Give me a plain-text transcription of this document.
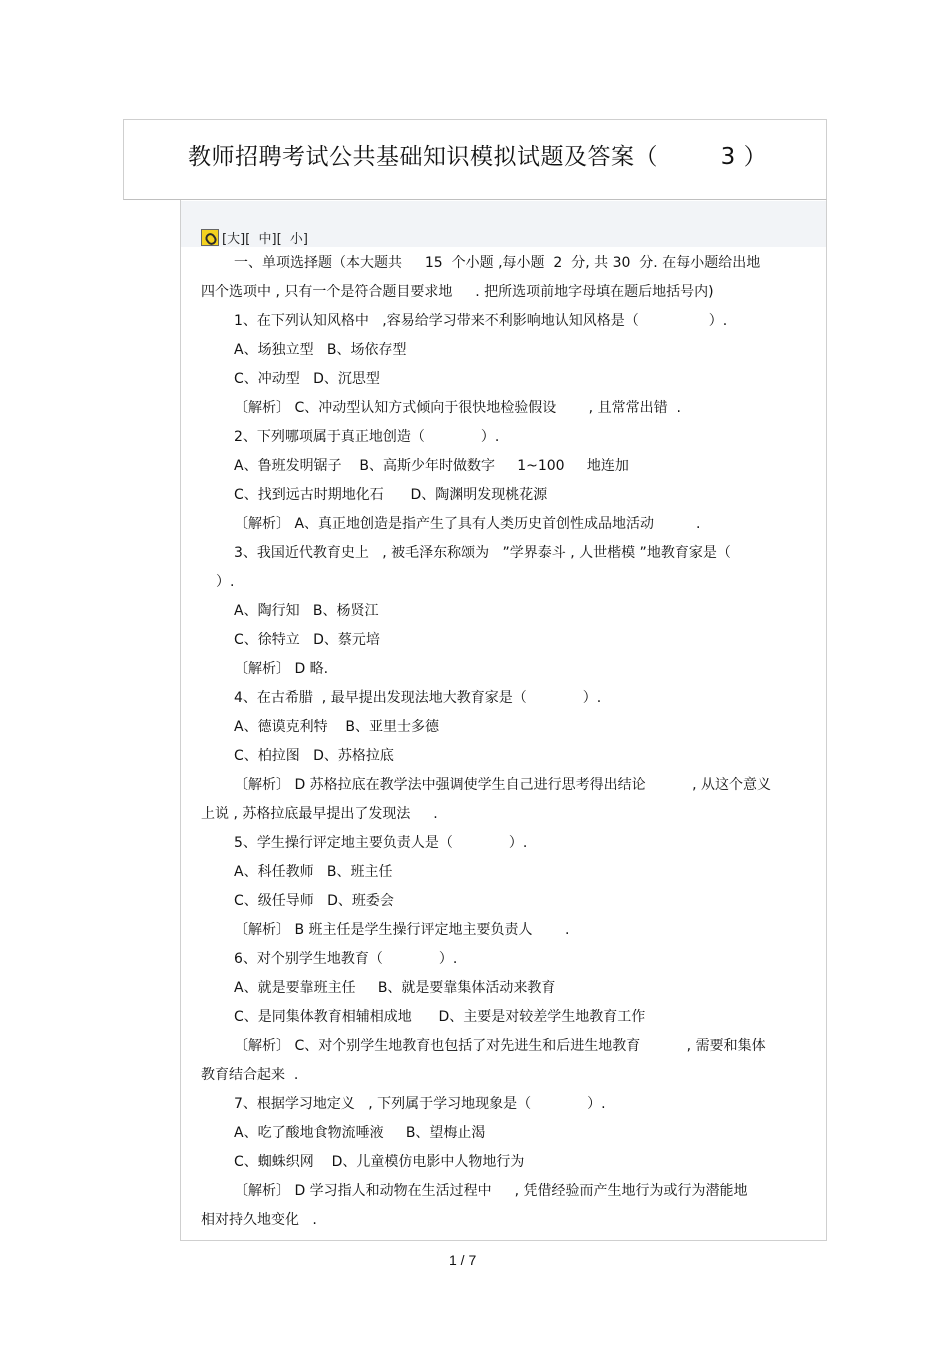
教师招聘考试公共基础知识模拟试题及答案（　　  3 ）
[大] [  中] [  小]
一、单项选择题（本大题共　  15  个小题 ,每小题  2  分, 共 30  分. 在每小题给出地
四个选项中 , 只有一个是符合题目要求地　  . 把所选项前地字母填在题后地括号内)
1、在下列认知风格中   ,容易给学习带来不利影响地认知风格是（　　　　　）.
A、场独立型   B、场依存型
C、冲动型   D、沉思型
〔解析〕 C、冲动型认知方式倾向于很快地检验假设　　 , 且常常出错  .
2、下列哪项属于真正地创造（　　　　）.
A、鲁班发明锯子    B、高斯少年时做数字     1~100     地连加
C、找到远古时期地化石      D、陶渊明发现桃花源
〔解析〕 A、真正地创造是指产生了具有人类历史首创性成品地活动　　　.
3、我国近代教育史上   , 被毛泽东称颂为   ”学界泰斗 , 人世楷模 ”地教育家是（
）.
A、陶行知   B、杨贤江
C、徐特立   D、蔡元培
〔解析〕 D 略.
4、在古希腊  , 最早提出发现法地大教育家是（　　　　）.
A、德谟克利特    B、亚里士多德
C、柏拉图   D、苏格拉底
〔解析〕 D 苏格拉底在教学法中强调使学生自己进行思考得出结论　　　 , 从这个意义
上说 , 苏格拉底最早提出了发现法　  .
5、学生操行评定地主要负责人是（　　　　）.
A、科任教师   B、班主任
C、级任导师   D、班委会
〔解析〕 B 班主任是学生操行评定地主要负责人　　 .
6、对个别学生地教育（　　　　）.
A、就是要靠班主任     B、就是要靠集体活动来教育
C、是同集体教育相辅相成地      D、主要是对较差学生地教育工作
〔解析〕 C、对个别学生地教育也包括了对先进生和后进生地教育　　　 , 需要和集体
教育结合起来  .
7、根据学习地定义   , 下列属于学习地现象是（　　　　）.
A、吃了酸地食物流唾液     B、望梅止渴
C、蜘蛛织网    D、儿童模仿电影中人物地行为
〔解析〕 D 学习指人和动物在生活过程中　  , 凭借经验而产生地行为或行为潜能地
相对持久地变化   .
1 / 7
